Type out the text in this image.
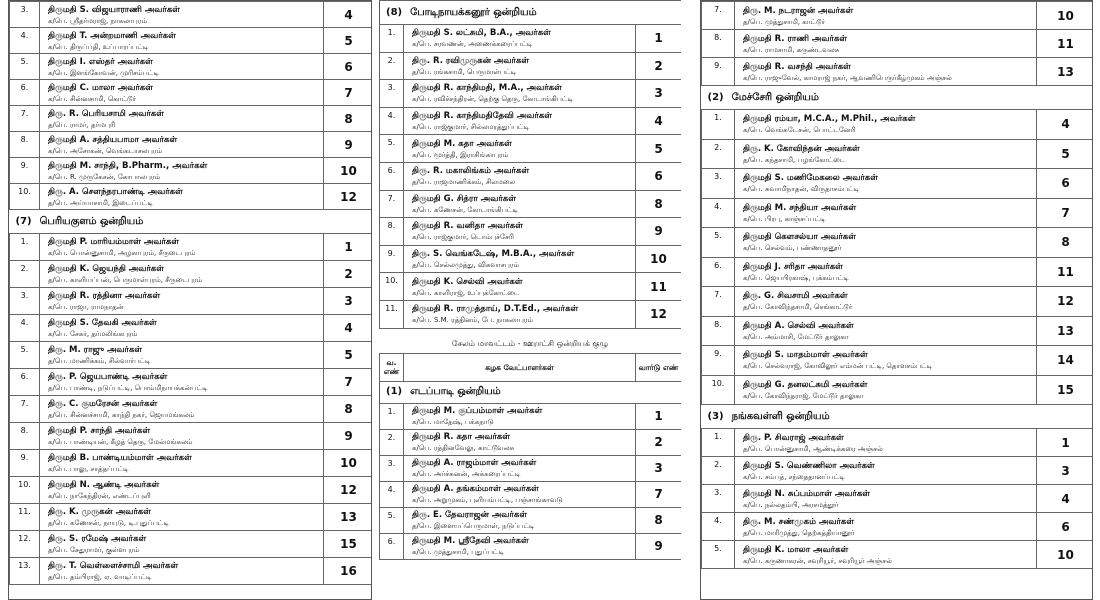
3.	திருமதி S. விஜயாராணி அவர்கள்
க/பெ. ஸ்ரீதர்மராஜ், நாகலாபுரம்	4
4.	திருமதி T. அன்றமாணி அவர்கள்
க/பெ. திருப்பதி, உப்பாரப்பட்டி	5
5.	திருமதி I. எஸ்தர் அவர்கள்
க/பெ. இளங்கோவன், முரிசம்பட்டி	6
6.	திருமதி C. மாலா அவர்கள்
க/பெ. சின்னசாமி, கொட்டூர்	7
7.	திரு. R. பெரியசாமி அவர்கள்
த/பெ. ராமர், தர்மபுரி	8
8.	திருமதி A. சத்தியபாமா அவர்கள்
க/பெ. அசோகன், வெங்கடாசலபுரம்	9
9.	திருமதி M. சாந்தி, B.Pharm., அவர்கள்
க/பெ. R. முருகேசன், கோபாலபுரம்	10
10.	திரு. A. சௌந்தரபாண்டி அவர்கள்
த/பெ. அய்யாசாமி, இடைப்பட்டி	12
(7) பெரியகுளம் ஒன்றியம்		
1.	திருமதி P. மாரியம்மாள் அவர்கள்
க/பெ. பொன்னுசாமி, அழகாபுரம், சீருடைபுரம்	1
2.	திருமதி K. ஜெயந்தி அவர்கள்
த/பெ. காளியப்பன், பெருமாள்புரம், சீருடைபுரம்	2
3.	திருமதி R. ரத்தினா அவர்கள்
க/பெ. ராஜா, ராமநாதன்	3
4.	திருமதி S. தேவகி அவர்கள்
க/பெ. சேகர், தர்மலிங்கபுரம்	4
5.	திரு. M. ராஜு அவர்கள்
த/பெ. மாணிக்கம், சில்வார்பட்டி	5
6.	திரு. P. ஜெயபாண்டி அவர்கள்
த/பெ. பாண்டி, நடுப்பட்டி, பொம்மிநாயக்கன்பட்டி	7
7.	திரு. C. குமரேசன் அவர்கள்
த/பெ. சின்னச்சாமி, காந்தி நகர், ஜெயமங்கலம்	8
8.	திருமதி P. சாந்தி அவர்கள்
க/பெ. பாண்டியன், கீழத் தெரு, மேல்மங்கலம்	9
9.	திருமதி B. பாண்டியம்மாள் அவர்கள்
க/பெ. பாலு, சாத்தப்பட்டி	10
10.	திருமதி N. ஆண்டி அவர்கள்
க/பெ. நாகேந்திரன், எண்டப்புளி	12
11.	திரு. K. முருகன் அவர்கள்
த/பெ. கணேசன், நாயுடு, டி.புதுப்பட்டி	13
12.	திரு. S. ரமேஷ் அவர்கள்
த/பெ. சேதுராமர், குள்ளபுரம்	15
13.	திரு. T. வெள்ளைச்சாமி அவர்கள்
த/பெ. தம்பிராஜ், ஏ. வாடிப்பட்டி	16
(8) போடிநாயக்கனூர் ஒன்றியம்		
1.	திருமதி S. லட்சுமி, B.A., அவர்கள்
க/பெ. சரவணன், அணைக்கரைப்பட்டி	1
2.	திரு. R. ரவிமுருகன் அவர்கள்
த/பெ. ரங்கசாமி, பெருமாள்பட்டி	2
3.	திருமதி R. காந்திமதி, M.A., அவர்கள்
க/பெ. ரவிச்சந்திரன், தெற்கு தெரு, கோடாங்கிபட்டி	3
4.	திருமதி R. காந்திமதிதேவி அவர்கள்
க/பெ. ராஜ்குமார், சில்லமரத்துப்பட்டி	4
5.	திருமதி M. கதா அவர்கள்
க/பெ. மூர்த்தி, இராசிங்காபுரம்	5
6.	திரு. R. மகாலிங்கம் அவர்கள்
த/பெ. ராஜமாணிக்கம், சிலமலை	6
7.	திருமதி G. சித்ரா அவர்கள்
க/பெ. கணேசன், கோடாங்கிபட்டி	8
8.	திருமதி R. வனிதா அவர்கள்
க/பெ. ராஜ்குமார், டொம்புச்சேரி	9
9.	திரு. S. வெங்கடேஷ், M.B.A., அவர்கள்
த/பெ. செல்லமுத்து, விசுவாசபுரம்	10
10.	திருமதி K. செல்வி அவர்கள்
க/பெ. காளிராஜ், உப்புக்கோட்டை	11
11.	திருமதி R. ராமுத்தாய், D.T.Ed., அவர்கள்
க/பெ. S.M. ரத்தினம், பே. நாகலாபுரம்	12
சேலம் மாவட்டம் - ஊராட்சி ஒன்றியக் குழு
வ. எண்	கழக வேட்பாளர்கள்	வார்டு எண்
(1) எடப்பாடி ஒன்றியம்		
1.	திருமதி M. குப்பம்மாள் அவர்கள்
க/பெ. மாதேஷ், பக்கநாடு	1
2.	திருமதி R. கதா அவர்கள்
க/பெ. ரத்தினவேலு, காட்டூவலசு	2
3.	திருமதி A. ராஜம்மாள் அவர்கள்
க/பெ. அர்ச்சுனன், அக்கரைப்பட்டி	3
4.	திருமதி A. தங்கம்மாள் அவர்கள்
க/பெ. அறுமுகம், புளியம்பட்டி, பஞ்சாங்காவடு	7
5.	திரு. E. தேவராஜன் அவர்கள்
த/பெ. இளையப்பெருமாள், நடுப்பட்டி	8
6.	திருமதி M. ஸ்ரீதேவி அவர்கள்
க/பெ. முத்துசாமி, புதுப்பட்டி	9
7.	திரு. M. நடராஜன் அவர்கள்
த/பெ. முத்துசாமி, காட்டூர்	10
8.	திருமதி R. ராணி அவர்கள்
க/பெ. ராமசாமி, கருண்டவலசு	11
9.	திருமதி R. வசந்தி அவர்கள்
க/பெ. ராஜுவேல், காமராஜ் நகர், ஆவணிபெருர்கீழ்முகம் அஞ்சல்	13
(2) மேச்சேரி ஒன்றியம்		
1.	திருமதி ரம்யா, M.C.A., M.Phil., அவர்கள்
க/பெ. வெங்கடேசன், பொட்டனேரி	4
2.	திரு. K. கோவிந்தன் அவர்கள்
த/பெ. கந்தசாமி, பழங்கோட்டை	5
3.	திருமதி S. மணிமேகலை அவர்கள்
க/பெ. சுவாமிநாதன், விருதாசம்பட்டி	6
4.	திருமதி M. சந்தியா அவர்கள்
க/பெ. பிரபு, காஞ்சப்பட்டி	7
5.	திருமதி கௌசல்யா அவர்கள்
க/பெ. செல்வம், பண்ணாதனூர்	8
6.	திருமதி J. சரிதா அவர்கள்
க/பெ. ஜெயபிரகாஷ், புக்கம்பட்டி	11
7.	திரு. G. சிவசாமி அவர்கள்
த/பெ. கோவிந்தசாமி, செங்காட்டூர்	12
8.	திருமதி A. செல்வி அவர்கள்
க/பெ. அம்மாசி, மேட்டூர் தாலுகா	13
9.	திருமதி S. மாதம்மாள் அவர்கள்
க/பெ. செல்வராஜ், கோவிலூர் எம்மன் பட்டி, தொளசம்பட்டி	14
10.	திருமதி G. தனலட்சுமி அவர்கள்
க/பெ. கோவிந்தராஜ், மேட்டூர் தாலுகா	15
(3) நங்கவள்ளி ஒன்றியம்		
1.	திரு. P. சிவராஜ் அவர்கள்
த/பெ. பொன்னுசாமி, ஆண்டிக்கரை அஞ்சல்	1
2.	திருமதி S. வெண்ணிலா அவர்கள்
க/பெ. சம்பத், சந்தைதானப்பட்டி	3
3.	திருமதி N. சுப்பம்மாள் அவர்கள்
க/பெ. நல்லதம்பி, அரசமத்தூர்	4
4.	திரு. M. சண்முகம் அவர்கள்
த/பெ. மாரிமுத்து, தெற்கத்தியானூர்	6
5.	திருமதி K. மாலா அவர்கள்
க/பெ. கருணாகரன், சவுரியூர், சவுரியூர் அஞ்சல்	10
